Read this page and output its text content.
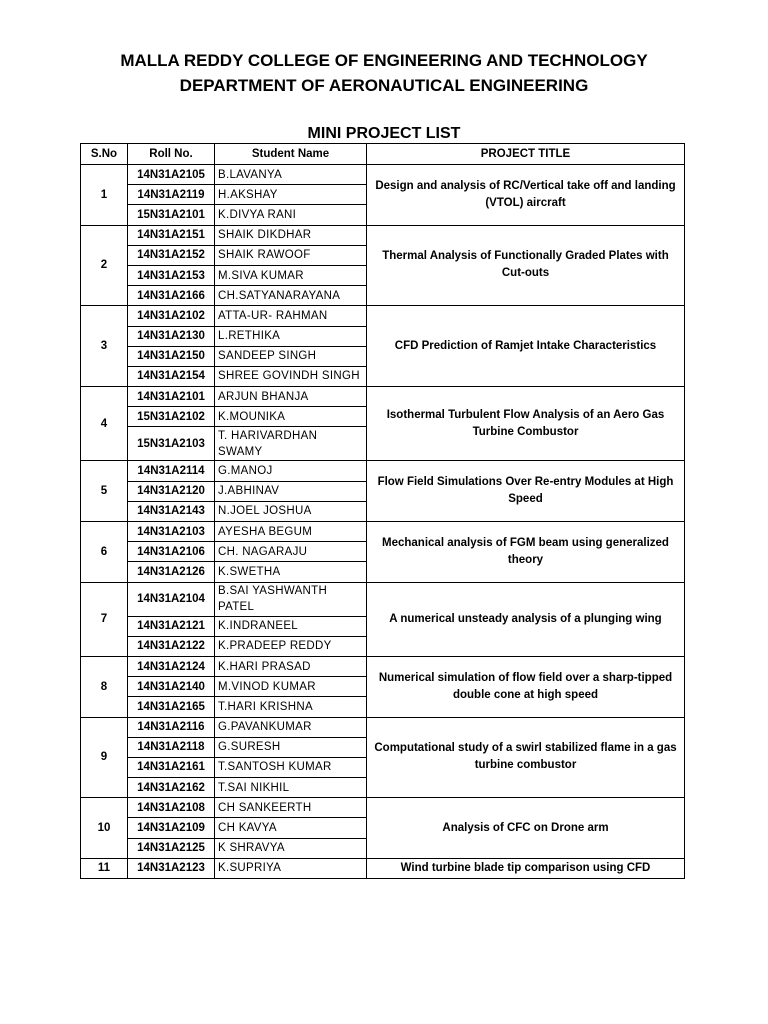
MALLA REDDY COLLEGE OF ENGINEERING AND TECHNOLOGY
DEPARTMENT OF AERONAUTICAL ENGINEERING
MINI PROJECT LIST
S.No	Roll No.	Student Name	PROJECT TITLE
1	14N31A2105	B.LAVANYA	Design and analysis of RC/Vertical take off and landing (VTOL) aircraft
	14N31A2119	H.AKSHAY	
	15N31A2101	K.DIVYA RANI	
2	14N31A2151	SHAIK DIKDHAR	Thermal Analysis of Functionally Graded Plates with Cut-outs
	14N31A2152	SHAIK RAWOOF	
	14N31A2153	M.SIVA KUMAR	
	14N31A2166	CH.SATYANARAYANA	
3	14N31A2102	ATTA-UR- RAHMAN	CFD Prediction of Ramjet Intake Characteristics
	14N31A2130	L.RETHIKA	
	14N31A2150	SANDEEP SINGH	
	14N31A2154	SHREE GOVINDH SINGH	
4	14N31A2101	ARJUN BHANJA	Isothermal Turbulent Flow Analysis of an Aero Gas Turbine Combustor
	15N31A2102	K.MOUNIKA	
	15N31A2103	T. HARIVARDHAN SWAMY	
5	14N31A2114	G.MANOJ	Flow Field Simulations Over Re-entry Modules at High Speed
	14N31A2120	J.ABHINAV	
	14N31A2143	N.JOEL JOSHUA	
6	14N31A2103	AYESHA BEGUM	Mechanical analysis of FGM beam using generalized theory
	14N31A2106	CH. NAGARAJU	
	14N31A2126	K.SWETHA	
7	14N31A2104	B.SAI YASHWANTH PATEL	A numerical unsteady analysis of a plunging wing
	14N31A2121	K.INDRANEEL	
	14N31A2122	K.PRADEEP REDDY	
8	14N31A2124	K.HARI PRASAD	Numerical simulation of flow field over a sharp-tipped double cone at high speed
	14N31A2140	M.VINOD KUMAR	
	14N31A2165	T.HARI KRISHNA	
9	14N31A2116	G.PAVANKUMAR	Computational study of a swirl stabilized flame in a gas turbine combustor
	14N31A2118	G.SURESH	
	14N31A2161	T.SANTOSH KUMAR	
	14N31A2162	T.SAI NIKHIL	
10	14N31A2108	CH SANKEERTH	Analysis of CFC on Drone arm
	14N31A2109	CH KAVYA	
	14N31A2125	K SHRAVYA	
11	14N31A2123	K.SUPRIYA	Wind turbine blade tip comparison using CFD
